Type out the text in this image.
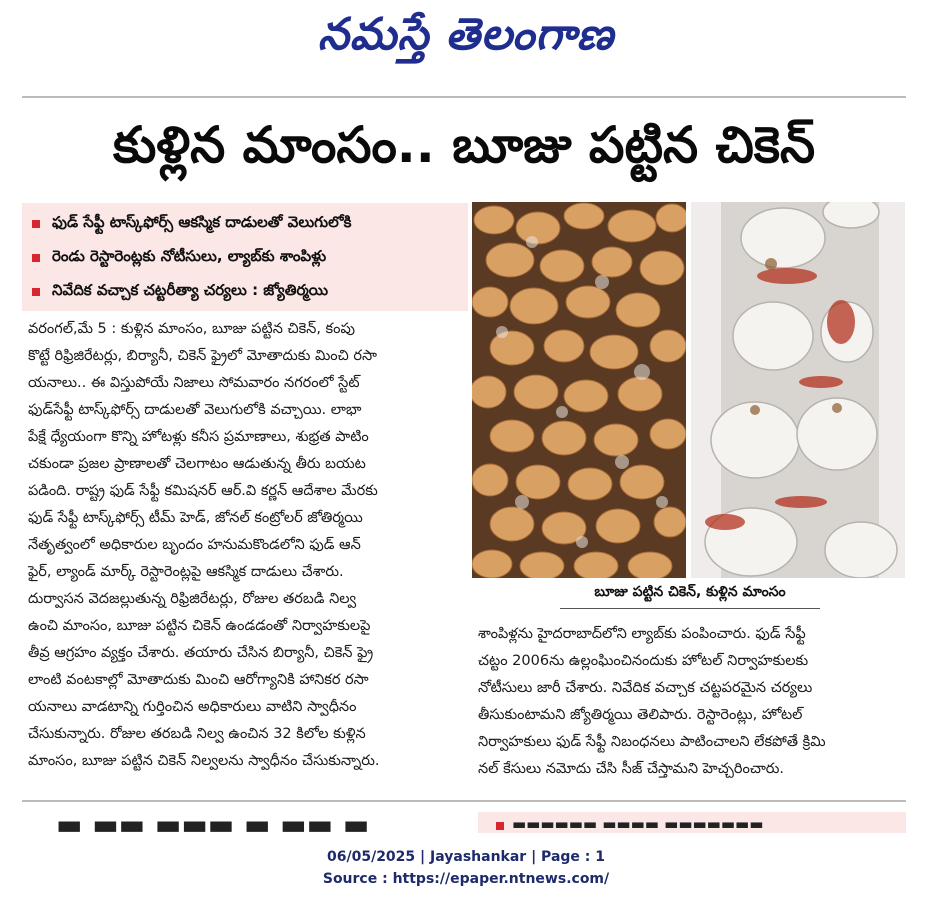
నమస్తే తెలంగాణ
కుళ్లిన మాంసం.. బూజు పట్టిన చికెన్
ఫుడ్ సేఫ్టీ టాస్క్‌ఫోర్స్ ఆకస్మిక దాడులతో వెలుగులోకి
రెండు రెస్టారెంట్లకు నోటీసులు, ల్యాబ్‌కు శాంపిళ్లు
నివేదిక వచ్చాక చట్టరీత్యా చర్యలు : జ్యోతిర్మయి
బూజు పట్టిన చికెన్, కుళ్లిన మాంసం
వరంగల్,మే 5 : కుళ్లిన మాంసం, బూజు పట్టిన చికెన్, కంపు
కొట్టే రిఫ్రిజిరేటర్లు, బిర్యానీ, చికెన్ ఫ్రైలో మోతాదుకు మించి రసా
యనాలు.. ఈ విస్తుపోయే నిజాలు సోమవారం నగరంలో స్టేట్
ఫుడ్‌సేఫ్టీ టాస్క్‌ఫోర్స్ దాడులతో వెలుగులోకి వచ్చాయి. లాభా
పేక్షే ధ్యేయంగా కొన్ని హోటళ్లు కనీస ప్రమాణాలు, శుభ్రత పాటిం
చకుండా ప్రజల ప్రాణాలతో చెలగాటం ఆడుతున్న తీరు బయట
పడింది. రాష్ట్ర ఫుడ్ సేఫ్టీ కమిషనర్ ఆర్.వి కర్ణన్ ఆదేశాల మేరకు
ఫుడ్ సేఫ్టీ టాస్క్‌ఫోర్స్ టీమ్ హెడ్, జోనల్ కంట్రోలర్ జోతిర్మయి
నేతృత్వంలో అధికారుల బృందం హనుమకొండలోని ఫుడ్ ఆన్
ఫైర్, ల్యాండ్ మార్క్ రెస్టారెంట్లపై ఆకస్మిక దాడులు చేశారు.
దుర్వాసన వెదజల్లుతున్న రిఫ్రిజిరేటర్లు, రోజుల తరబడి నిల్వ
ఉంచి మాంసం, బూజు పట్టిన చికెన్ ఉండడంతో నిర్వాహకులపై
తీవ్ర ఆగ్రహం వ్యక్తం చేశారు. తయారు చేసిన బిర్యానీ, చికెన్ ఫ్రై
లాంటి వంటకాల్లో మోతాదుకు మించి ఆరోగ్యానికి హానికర రసా
యనాలు వాడటాన్ని గుర్తించిన అధికారులు వాటిని స్వాధీనం
చేసుకున్నారు. రోజుల తరబడి నిల్వ ఉంచిన 32 కిలోల కుళ్లిన
మాంసం, బూజు పట్టిన చికెన్ నిల్వలను స్వాధీనం చేసుకున్నారు.
శాంపిళ్లను హైదరాబాద్‌లోని ల్యాబ్‌కు పంపించారు. ఫుడ్ సేఫ్టీ
చట్టం 2006ను ఉల్లంఘించినందుకు హోటల్ నిర్వాహకులకు
నోటీసులు జారీ చేశారు. నివేదిక వచ్చాక చట్టపరమైన చర్యలు
తీసుకుంటామని జ్యోతిర్మయి తెలిపారు. రెస్టారెంట్లు, హోటల్
నిర్వాహకులు ఫుడ్ సేఫ్టీ నిబంధనలు పాటించాలని లేకపోతే క్రిమి
నల్ కేసులు నమోదు చేసి సీజ్ చేస్తామని హెచ్చరించారు.
▬ ▬▬ ▬▬▬ ▬ ▬▬ ▬	▬▬▬▬▬▬ ▬▬▬▬ ▬▬▬▬▬▬▬
06/05/2025 | Jayashankar | Page : 1
Source : https://epaper.ntnews.com/
